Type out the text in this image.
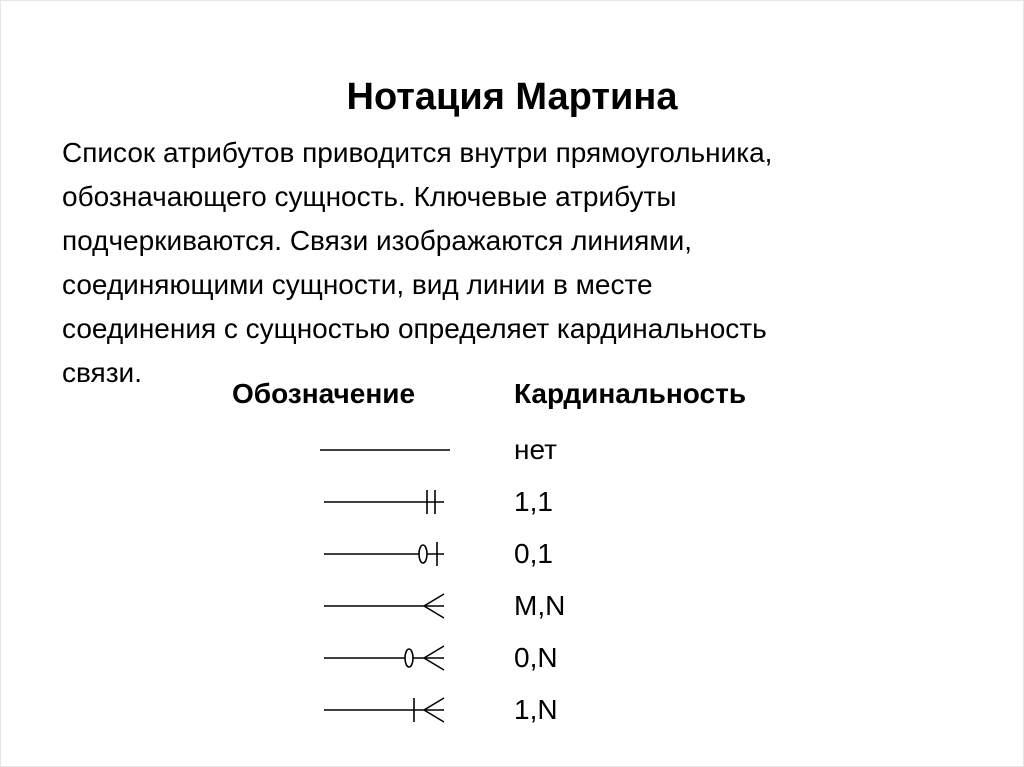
Нотация Мартина

Список атрибутов приводится внутри прямоугольника,
обозначающего сущность. Ключевые атрибуты
подчеркиваются. Связи изображаются линиями,
соединяющими сущности, вид линии в месте
соединения с сущностью определяет кардинальность
связи.

Обозначение	Кардинальность
нет
1,1
0,1
M,N
0,N
1,N
